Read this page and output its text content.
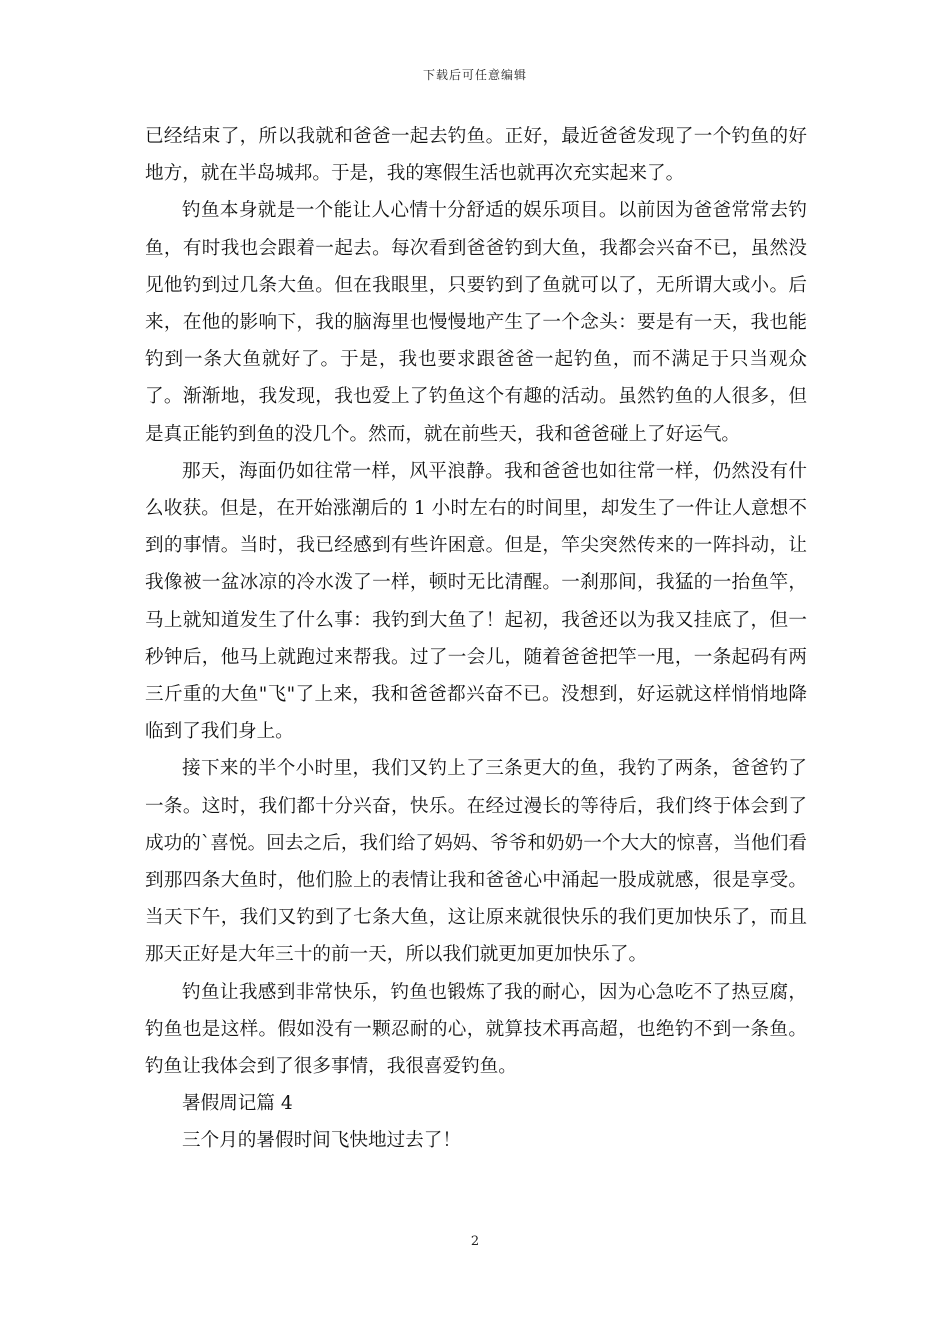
下载后可任意编辑

已经结束了，所以我就和爸爸一起去钓鱼。正好，最近爸爸发现了一个钓鱼的好地方，就在半岛城邦。于是，我的寒假生活也就再次充实起来了。

钓鱼本身就是一个能让人心情十分舒适的娱乐项目。以前因为爸爸常常去钓鱼，有时我也会跟着一起去。每次看到爸爸钓到大鱼，我都会兴奋不已，虽然没见他钓到过几条大鱼。但在我眼里，只要钓到了鱼就可以了，无所谓大或小。后来，在他的影响下，我的脑海里也慢慢地产生了一个念头：要是有一天，我也能钓到一条大鱼就好了。于是，我也要求跟爸爸一起钓鱼，而不满足于只当观众了。渐渐地，我发现，我也爱上了钓鱼这个有趣的活动。虽然钓鱼的人很多，但是真正能钓到鱼的没几个。然而，就在前些天，我和爸爸碰上了好运气。

那天，海面仍如往常一样，风平浪静。我和爸爸也如往常一样，仍然没有什么收获。但是，在开始涨潮后的 1 小时左右的时间里，却发生了一件让人意想不到的事情。当时，我已经感到有些许困意。但是，竿尖突然传来的一阵抖动，让我像被一盆冰凉的冷水泼了一样，顿时无比清醒。一刹那间，我猛的一抬鱼竿，马上就知道发生了什么事：我钓到大鱼了！起初，我爸还以为我又挂底了，但一秒钟后，他马上就跑过来帮我。过了一会儿，随着爸爸把竿一甩，一条起码有两三斤重的大鱼"飞"了上来，我和爸爸都兴奋不已。没想到，好运就这样悄悄地降临到了我们身上。

接下来的半个小时里，我们又钓上了三条更大的鱼，我钓了两条，爸爸钓了一条。这时，我们都十分兴奋，快乐。在经过漫长的等待后，我们终于体会到了成功的`喜悦。回去之后，我们给了妈妈、爷爷和奶奶一个大大的惊喜，当他们看到那四条大鱼时，他们脸上的表情让我和爸爸心中涌起一股成就感，很是享受。当天下午，我们又钓到了七条大鱼，这让原来就很快乐的我们更加快乐了，而且那天正好是大年三十的前一天，所以我们就更加更加快乐了。

钓鱼让我感到非常快乐，钓鱼也锻炼了我的耐心，因为心急吃不了热豆腐，钓鱼也是这样。假如没有一颗忍耐的心，就算技术再高超，也绝钓不到一条鱼。钓鱼让我体会到了很多事情，我很喜爱钓鱼。

暑假周记篇 4

三个月的暑假时间飞快地过去了！

2
